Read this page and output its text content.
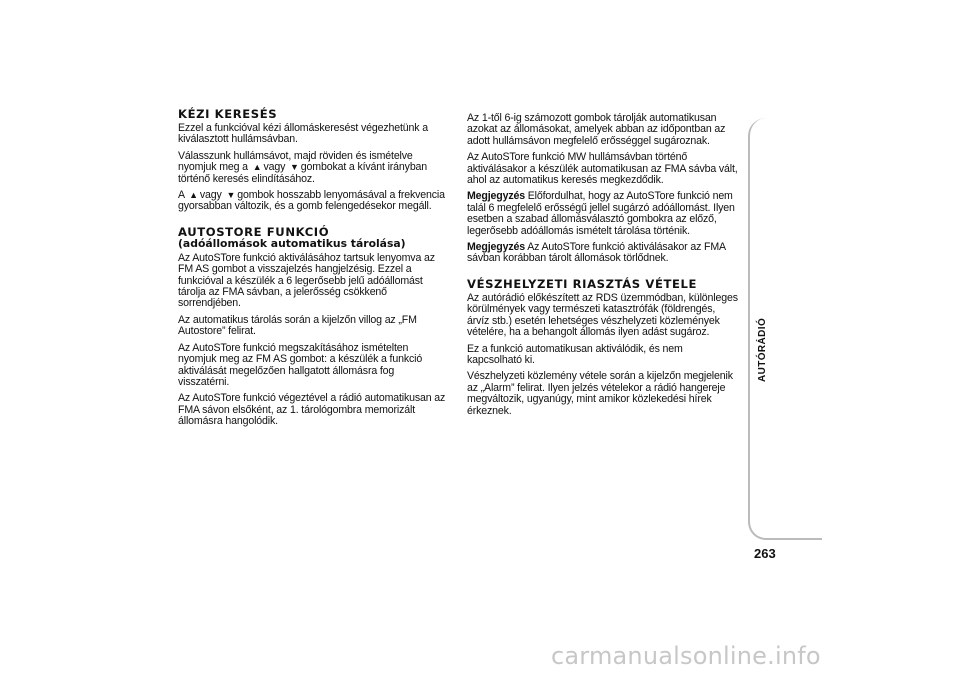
KÉZI KERESÉS

Ezzel a funkcióval kézi állomáskeresést végezhetünk a kiválasztott hullámsávban.

Válasszunk hullámsávot, majd röviden és ismételve nyomjuk meg a ▲ vagy ▼ gombokat a kívánt irányban történő keresés elindításához.

A ▲ vagy ▼ gombok hosszabb lenyomásával a frekvencia gyorsabban változik, és a gomb felengedésekor megáll.

AUTOSTORE FUNKCIÓ
(adóállomások automatikus tárolása)

Az AutoSTore funkció aktiválásához tartsuk lenyomva az FM AS gombot a visszajelzés hangjelzésig. Ezzel a funkcióval a készülék a 6 legerősebb jelű adóállomást tárolja az FMA sávban, a jelerősség csökkenő sorrendjében.

Az automatikus tárolás során a kijelzőn villog az „FM Autostore” felirat.

Az AutoSTore funkció megszakításához ismételten nyomjuk meg az FM AS gombot: a készülék a funkció aktiválását megelőzően hallgatott állomásra fog visszatérni.

Az AutoSTore funkció végeztével a rádió automatikusan az FMA sávon elsőként, az 1. tárológombra memorizált állomásra hangolódik.

Az 1-től 6-ig számozott gombok tárolják automatikusan azokat az állomásokat, amelyek abban az időpontban az adott hullámsávon megfelelő erősséggel sugároznak.

Az AutoSTore funkció MW hullámsávban történő aktiválásakor a készülék automatikusan az FMA sávba vált, ahol az automatikus keresés megkezdődik.

Megjegyzés Előfordulhat, hogy az AutoSTore funkció nem talál 6 megfelelő erősségű jellel sugárzó adóállomást. Ilyen esetben a szabad állomásválasztó gombokra az előző, legerősebb adóállomás ismételt tárolása történik.

Megjegyzés Az AutoSTore funkció aktiválásakor az FMA sávban korábban tárolt állomások törlődnek.

VÉSZHELYZETI RIASZTÁS VÉTELE

Az autórádió előkészített az RDS üzemmódban, különleges körülmények vagy természeti katasztrófák (földrengés, árvíz stb.) esetén lehetséges vészhelyzeti közlemények vételére, ha a behangolt állomás ilyen adást sugároz.

Ez a funkció automatikusan aktiválódik, és nem kapcsolható ki.

Vészhelyzeti közlemény vétele során a kijelzőn megjelenik az „Alarm” felirat. Ilyen jelzés vételekor a rádió hangereje megváltozik, ugyanúgy, mint amikor közlekedési hírek érkeznek.

AUTÓRÁDIÓ
263
carmanualsonline.info
